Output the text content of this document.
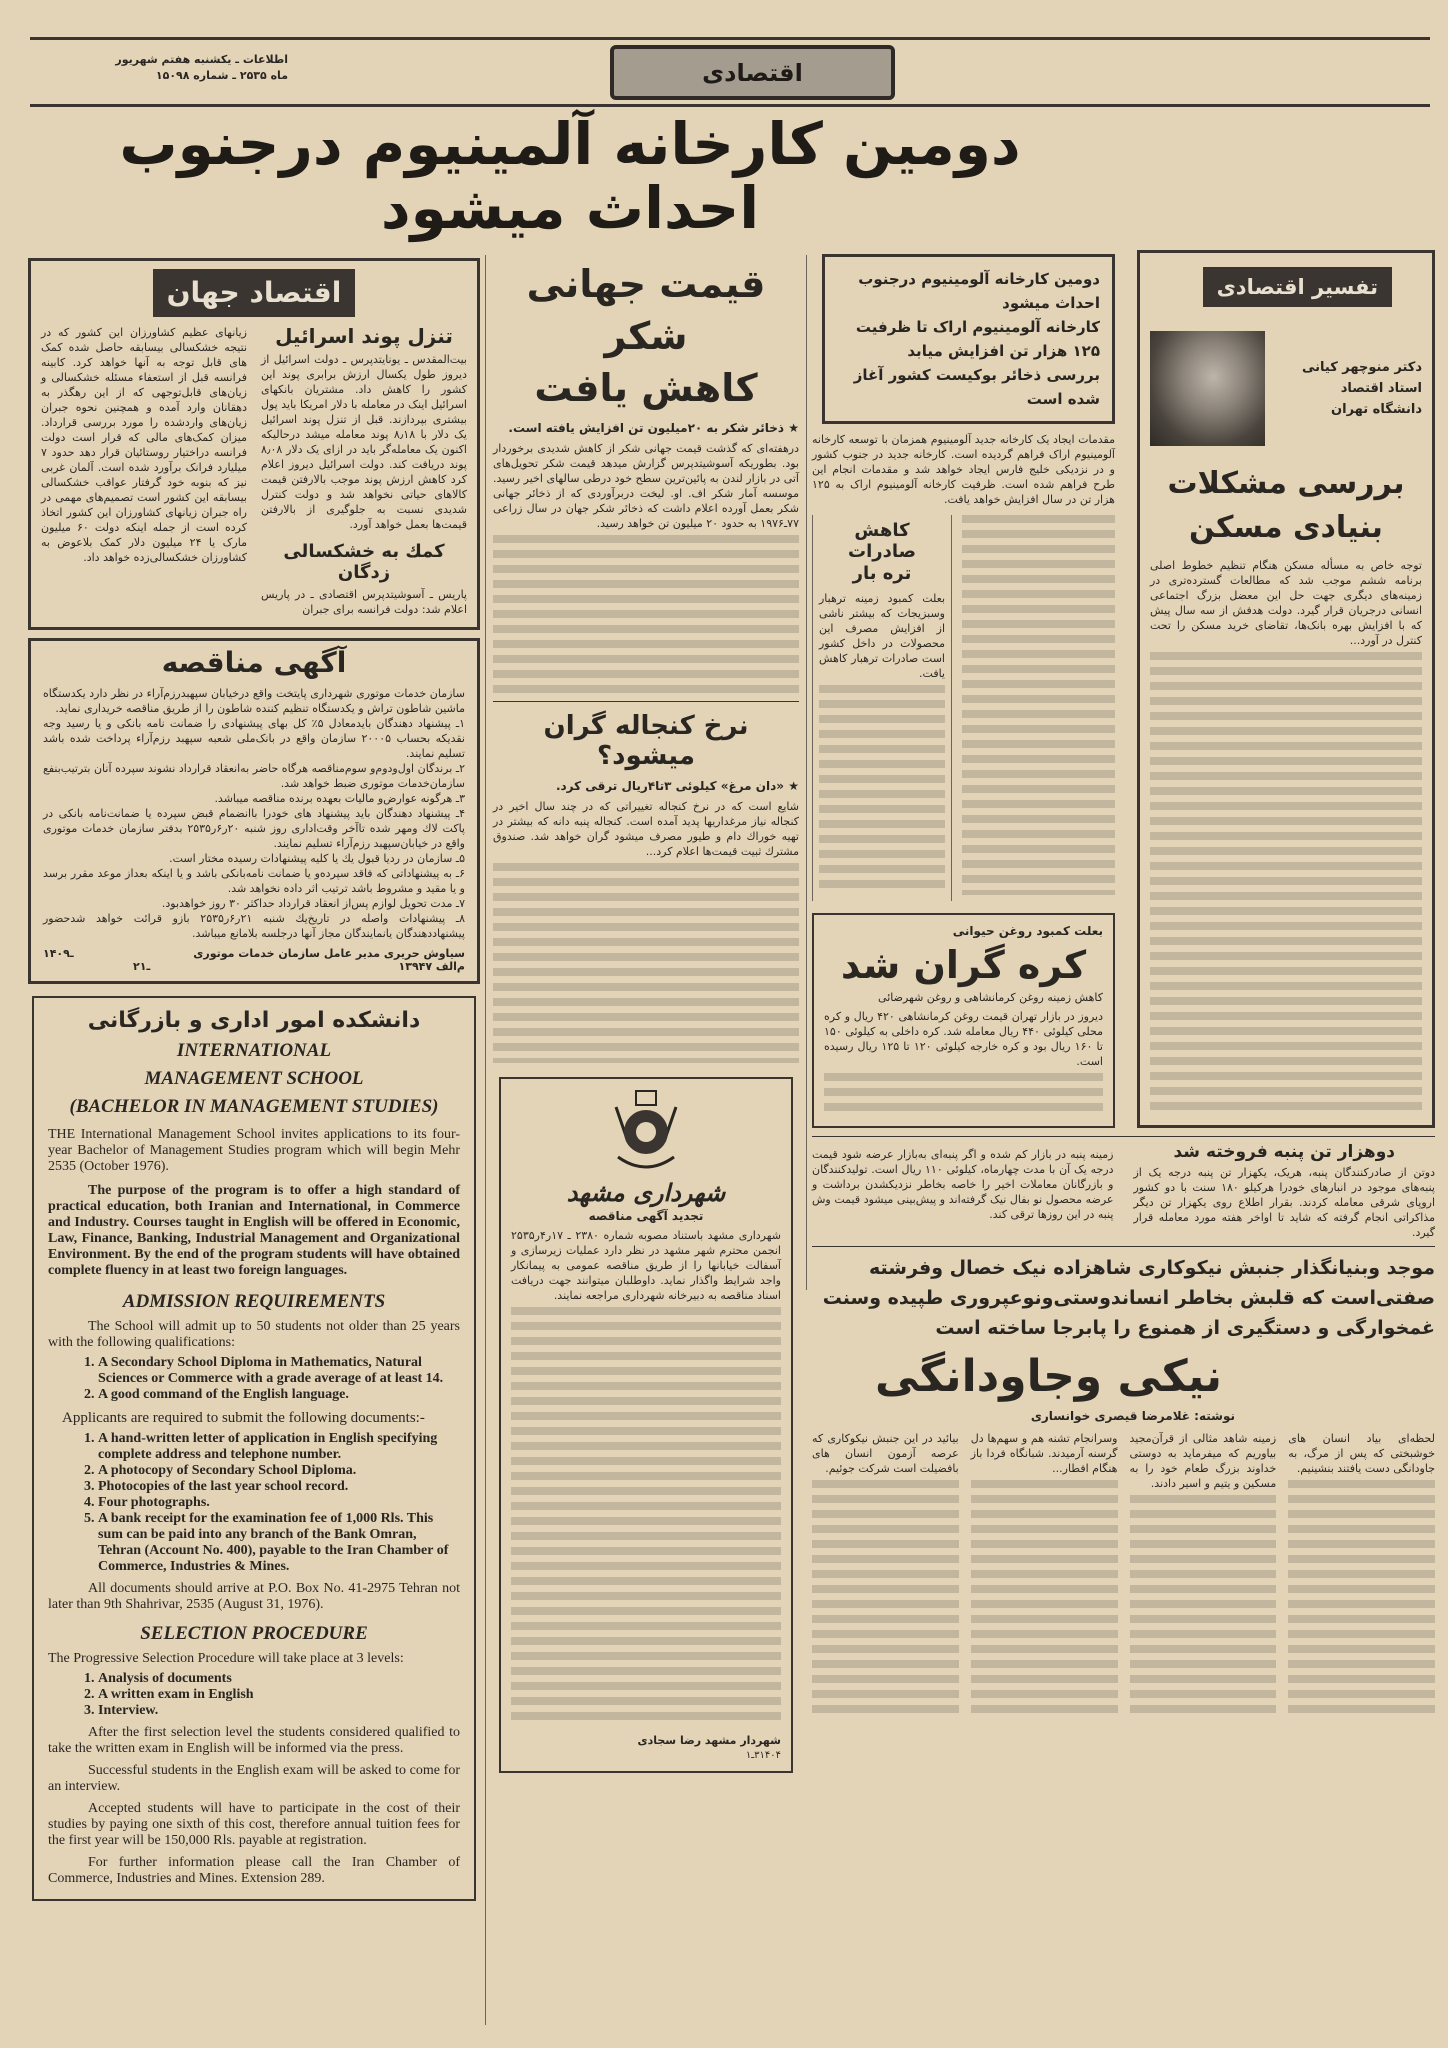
اطلاعات ـ یکشنبه هفتم شهریور
ماه ۲۵۳۵ ـ شماره ۱۵۰۹۸	اقتصادی
دومین کارخانه آلمینیوم درجنوب احداث میشود
اقتصاد جهان
تنزل پوند اسرائیل
بیت‌المقدس ـ یونایتدپرس ـ دولت اسرائیل از دیروز طول یکسال ارزش برابری پوند این کشور را کاهش داد. مشتریان بانکهای اسرائیل اینک در معامله با دلار امریکا باید پول بیشتری بپردازند. قبل از تنزل پوند اسرائیل یک دلار با ۸٫۱۸ پوند معامله میشد درحالیکه اکنون یک معامله‌گر باید در ازای یک دلار ۸٫۰۸ پوند دریافت کند. دولت اسرائیل دیروز اعلام کرد کاهش ارزش پوند موجب بالارفتن قیمت کالاهای حیاتی نخواهد شد و دولت کنترل شدیدی نسبت به جلوگیری از بالارفتن قیمت‌ها بعمل خواهد آورد.
کمك به خشکسالی زدگان
پاریس ـ آسوشیتدپرس اقتصادی ـ در پاریس اعلام شد: دولت فرانسه برای جبران
زیانهای عظیم کشاورزان این کشور که در نتیجه خشکسالی بیسابقه حاصل شده کمک های قابل توجه به آنها خواهد کرد. کابینه فرانسه قبل از استعفاء مسئله خشکسالی و زیان‌های قابل‌توجهی که از این رهگذر به دهقانان وارد آمده و همچنین نحوه جبران زیان‌های واردشده را مورد بررسی قرارداد. میزان کمک‌های مالی که قرار است دولت فرانسه دراختیار روستائیان قرار دهد حدود ۷ میلیارد فرانک برآورد شده است. آلمان غربی نیز که بنوبه خود گرفتار عواقب خشکسالی بیسابقه این کشور است تصمیم‌های مهمی در راه جبران زیانهای کشاورزان این کشور اتخاذ کرده است از جمله اینکه دولت ۶۰ میلیون مارک یا ۲۴ میلیون دلار کمک بلاعوض به کشاورزان خشکسالی‌زده خواهد داد.
آگهی مناقصه
سازمان خدمات موتوری شهرداری پایتخت واقع درخیابان سپهبدرزم‌آراء در نظر دارد یکدستگاه ماشین شاطون تراش و یکدستگاه تنظیم کننده شاطون را از طریق مناقصه خریداری نماید.
۱ـ پیشنهاد دهندگان بایدمعادل ۵٪ کل بهای پیشنهادی را ضمانت نامه بانکی و یا رسید وجه نقدیکه بحساب ۲۰۰۰۵ سازمان واقع در بانک‌ملی شعبه سپهبد رزم‌آراء پرداخت شده باشد تسلیم نمایند.
۲ـ برندگان اول‌ودوم‌و سوم‌مناقصه هرگاه حاضر به‌انعقاد قرارداد نشوند سپرده آنان بترتیب‌بنفع سازمان‌خدمات موتوری ضبط خواهد شد.
۳ـ هرگونه عوارض‌و مالیات بعهده برنده مناقصه میباشد.
۴ـ پیشنهاد دهندگان باید پیشنهاد های خودرا باانضمام قبض سپرده یا ضمانت‌نامه بانکی در پاکت لاك ومهر شده تاآخر وقت‌اداری روز شنبه ۲۰ر۶ر۲۵۳۵ بدفتر سازمان خدمات موتوری واقع در خیابان‌سپهبد رزم‌آراء تسلیم نمایند.
۵ـ سازمان در ردیا قبول یك یا کلیه پیشنهادات رسیده مختار است.
۶ـ به پیشنهاداتی که فاقد سپرده‌و یا ضمانت نامه‌بانکی باشد و یا اینکه بعداز موعد مقرر برسد و یا مقید و مشروط باشد ترتیب اثر داده نخواهد شد.
۷ـ مدت تحویل لوازم پس‌از انعقاد قرارداد حداکثر ۳۰ روز خواهدبود.
۸ـ پیشنهادات واصله در تاریخ‌یك شنبه ۲۱ر۶ر۲۵۳۵ بازو قرائت خواهد شدحضور پیشنهاددهندگان یانمایندگان مجاز آنها درجلسه بلامانع میباشد.
سیاوش حریری مدیر عامل سازمان خدمات موتوری
۱ـ۴۰۹
م‌الف ۱۳۹۴۷
۲ـ۱
دانشکده امور اداری و بازرگانی
INTERNATIONAL
MANAGEMENT SCHOOL
(BACHELOR IN MANAGEMENT STUDIES)

THE International Management School invites applications to its four-year Bachelor of Management Studies program which will begin Mehr 2535 (October 1976).

The purpose of the program is to offer a high standard of practical education, both Iranian and International, in Commerce and Industry. Courses taught in English will be offered in Economic, Law, Finance, Banking, Industrial Management and Organizational Environment. By the end of the program students will have obtained complete fluency in at least two foreign languages.

ADMISSION REQUIREMENTS

The School will admit up to 50 students not older than 25 years with the following qualifications:

1. A Secondary School Diploma in Mathematics, Natural Sciences or Commerce with a grade average of at least 14.
2. A good command of the English language.

Applicants are required to submit the following documents:-

1. A hand-written letter of application in English specifying complete address and telephone number.
2. A photocopy of Secondary School Diploma.
3. Photocopies of the last year school record.
4. Four photographs.
5. A bank receipt for the examination fee of 1,000 Rls. This sum can be paid into any branch of the Bank Omran, Tehran (Account No. 400), payable to the Iran Chamber of Commerce, Industries & Mines.

All documents should arrive at P.O. Box No. 41-2975 Tehran not later than 9th Shahrivar, 2535 (August 31, 1976).

SELECTION PROCEDURE

The Progressive Selection Procedure will take place at 3 levels:

1. Analysis of documents
2. A written exam in English
3. Interview.

After the first selection level the students considered qualified to take the written exam in English will be informed via the press.

Successful students in the English exam will be asked to come for an interview.

Accepted students will have to participate in the cost of their studies by paying one sixth of this cost, therefore annual tuition fees for the first year will be 150,000 Rls. payable at registration.

For further information please call the Iran Chamber of Commerce, Industries and Mines. Extension 289.

قیمت جهانی شکر
کاهش یافت
★ ذخائر شکر به ۲۰میلیون تن افزایش یافته است.
درهفته‌ای که گذشت قیمت جهانی شکر از کاهش شدیدی برخوردار بود. بطوریکه آسوشیتدپرس گزارش میدهد قیمت شکر تحویل‌های آتی در بازار لندن به پائین‌ترین سطح خود درطی سالهای اخیر رسید. موسسه آمار شکر اف. او. لیخت دربرآوردی که از ذخائر جهانی شکر بعمل آورده اعلام داشت که ذخائر شکر جهان در سال زراعی ۷۷ـ۱۹۷۶ به حدود ۲۰ میلیون تن خواهد رسید.
نرخ کنجاله گران میشود؟
★ «دان مرغ» کیلوئی ۳تا۴ریال ترقی کرد.
شایع است که در نرخ کنجاله تغییراتی که در چند سال اخیر در کنجاله نیاز مرغداریها پدید آمده است. کنجاله پنبه دانه که بیشتر در تهیه خوراك دام و طیور مصرف میشود گران خواهد شد. صندوق مشترك ثبیت قیمت‌ها اعلام کرد...
شهرداری مشهد
تجدید آگهی مناقصه
شهرداری مشهد باستناد مصوبه شماره ۲۳۸۰ ـ ۱۷ر۴ر۲۵۳۵ انجمن محترم شهر مشهد در نظر دارد عملیات زیرسازی و آسفالت خیابانها را از طریق مناقصه عمومی به پیمانکار واجد شرایط واگذار نماید. داوطلبان میتوانند جهت دریافت اسناد مناقصه به دبیرخانه شهرداری مراجعه نمایند.
شهردار مشهد رضا سجادی
۳۱۴۰۴ـ۱
دومین کارخانه آلومینیوم درجنوب احداث میشود
کارخانه آلومینیوم اراک تا ظرفیت ۱۲۵ هزار تن افزایش میابد
بررسی ذخائر بوکیست کشور آغاز شده است
مقدمات ایجاد یک کارخانه جدید آلومینیوم همزمان با توسعه کارخانه آلومینیوم اراک فراهم گردیده است. کارخانه جدید در جنوب کشور و در نزدیکی خلیج فارس ایجاد خواهد شد و مقدمات انجام این طرح فراهم شده است. ظرفیت کارخانه آلومینیوم اراک به ۱۲۵ هزار تن در سال افزایش خواهد یافت.
کاهش صادرات
تره بار
بعلت کمبود زمینه ترهبار وسبزیجات که بیشتر ناشی از افزایش مصرف این محصولات در داخل کشور است صادرات ترهبار کاهش یافت.
بعلت کمبود روغن حیوانی
کره گران شد
کاهش زمینه روغن کرمانشاهی و روغن شهرضائی
دیروز در بازار تهران قیمت روغن کرمانشاهی ۴۲۰ ریال و کره محلی کیلوئی ۴۴۰ ریال معامله شد. کره داخلی به کیلوئی ۱۵۰ تا ۱۶۰ ریال بود و کره خارجه کیلوئی ۱۲۰ تا ۱۲۵ ریال رسیده است.
تفسیر اقتصادی
دکتر منوچهر کیانی
استاد اقتصاد
دانشگاه تهران
بررسی مشکلات بنیادی مسکن
توجه خاص به مسأله مسکن هنگام تنظیم خطوط اصلی برنامه ششم موجب شد که مطالعات گسترده‌تری در زمینه‌های دیگری جهت حل این معضل بزرگ اجتماعی انسانی درجریان قرار گیرد. دولت هدفش از سه سال پیش که با افزایش بهره بانک‌ها، تقاضای خرید مسکن را تحت کنترل در آورد...
دوهزار تن پنبه فروخته شد
دوتن از صادرکنندگان پنبه، هریک، یکهزار تن پنبه درجه یک از پنبه‌های موجود در انبارهای خودرا هرکیلو ۱۸۰ سنت با دو کشور اروپای شرقی معامله کردند. بقرار اطلاع روی یکهزار تن دیگر مذاکراتی انجام گرفته که شاید تا اواخر هفته مورد معامله قرار گیرد.
زمینه پنبه در بازار کم شده و اگر پنبه‌ای به‌بازار عرضه شود قیمت درجه یک آن با مدت چهارماه، کیلوئی ۱۱۰ ریال است. تولیدکنندگان و بازرگانان معاملات اخیر را خاصه بخاطر نزدیکشدن برداشت و عرضه محصول نو بفال نیک گرفته‌اند و پیش‌بینی میشود قیمت وش پنبه در این روزها ترقی کند.
موجد وبنیانگذار جنبش نیکوکاری شاهزاده نیک خصال وفرشته صفتی‌است که قلبش بخاطر انساندوستی‌ونوعپروری طپیده وسنت غمخوارگی و دستگیری از همنوع را پابرجا ساخته است
نیکی وجاودانگی
نوشته: غلامرضا قیصری خوانساری
لحظه‌ای بیاد انسان های خوشبختی که پس از مرگ، به جاودانگی دست یافتند بنشینیم.
زمینه شاهد مثالی از قرآن‌مجید بیاوریم که میفرماید به دوستی خداوند بزرگ طعام خود را به مسکین و یتیم و اسیر دادند.
وسرانجام تشنه هم و سهم‌ها دل گرسنه آرمیدند. شبانگاه فردا باز هنگام افطار...
بیائید در این جنبش نیکوکاری که عرصه آزمون انسان های بافضیلت است شرکت جوئیم.
